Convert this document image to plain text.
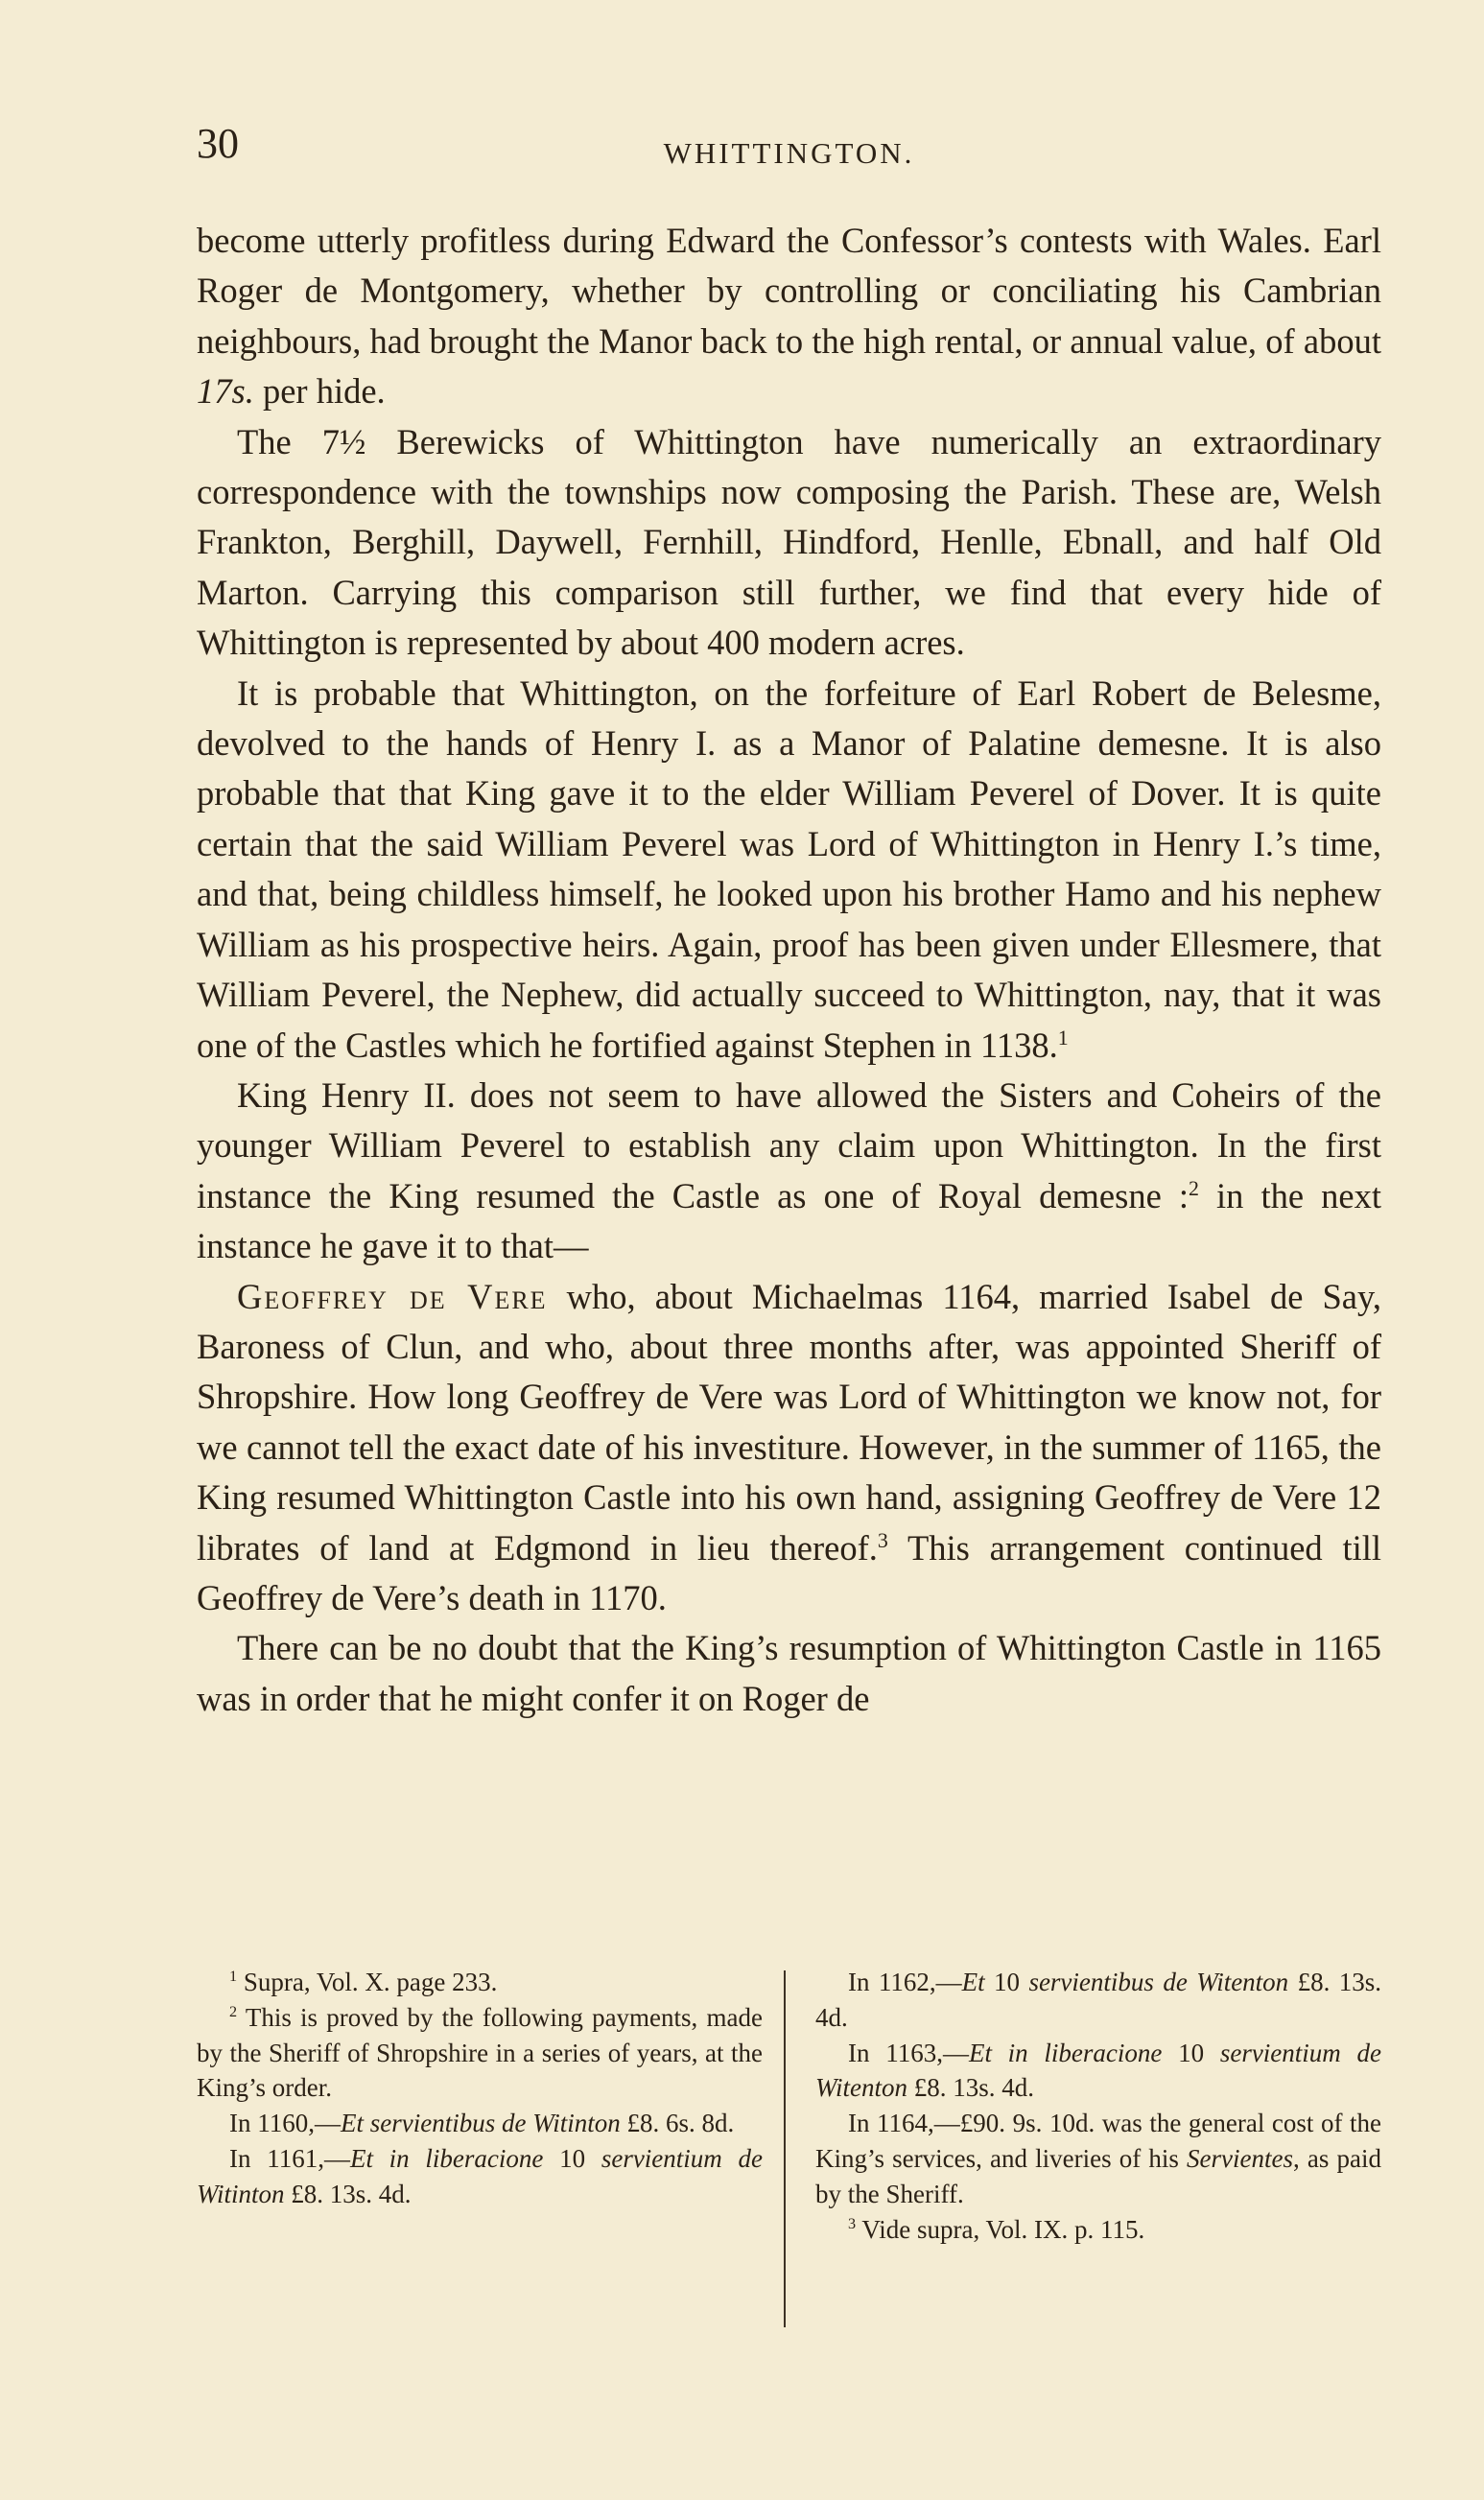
30	WHITTINGTON.

become utterly profitless during Edward the Confessor’s contests with Wales. Earl Roger de Montgomery, whether by controlling or conciliating his Cambrian neighbours, had brought the Manor back to the high rental, or annual value, of about 17s. per hide.

The 7½ Berewicks of Whittington have numerically an extraordinary correspondence with the townships now composing the Parish. These are, Welsh Frankton, Berghill, Daywell, Fernhill, Hindford, Henlle, Ebnall, and half Old Marton. Carrying this comparison still further, we find that every hide of Whittington is represented by about 400 modern acres.

It is probable that Whittington, on the forfeiture of Earl Robert de Belesme, devolved to the hands of Henry I. as a Manor of Palatine demesne. It is also probable that that King gave it to the elder William Peverel of Dover. It is quite certain that the said William Peverel was Lord of Whittington in Henry I.’s time, and that, being childless himself, he looked upon his brother Hamo and his nephew William as his prospective heirs. Again, proof has been given under Ellesmere, that William Peverel, the Nephew, did actually succeed to Whittington, nay, that it was one of the Castles which he fortified against Stephen in 1138.$^1$

King Henry II. does not seem to have allowed the Sisters and Coheirs of the younger William Peverel to establish any claim upon Whittington. In the first instance the King resumed the Castle as one of Royal demesne :$^2$ in the next instance he gave it to that—

Geoffrey de Vere who, about Michaelmas 1164, married Isabel de Say, Baroness of Clun, and who, about three months after, was appointed Sheriff of Shropshire. How long Geoffrey de Vere was Lord of Whittington we know not, for we cannot tell the exact date of his investiture. However, in the summer of 1165, the King resumed Whittington Castle into his own hand, assigning Geoffrey de Vere 12 librates of land at Edgmond in lieu thereof.$^3$ This arrangement continued till Geoffrey de Vere’s death in 1170.

There can be no doubt that the King’s resumption of Whittington Castle in 1165 was in order that he might confer it on Roger de

$^1$ Supra, Vol. X. page 233.

$^2$ This is proved by the following payments, made by the Sheriff of Shropshire in a series of years, at the King’s order.

In 1160,—Et servientibus de Witinton £8. 6s. 8d.

In 1161,—Et in liberacione 10 servientium de Witinton £8. 13s. 4d.

In 1162,—Et 10 servientibus de Witenton £8. 13s. 4d.

In 1163,—Et in liberacione 10 servientium de Witenton £8. 13s. 4d.

In 1164,—£90. 9s. 10d. was the general cost of the King’s services, and liveries of his Servientes, as paid by the Sheriff.

$^3$ Vide supra, Vol. IX. p. 115.
